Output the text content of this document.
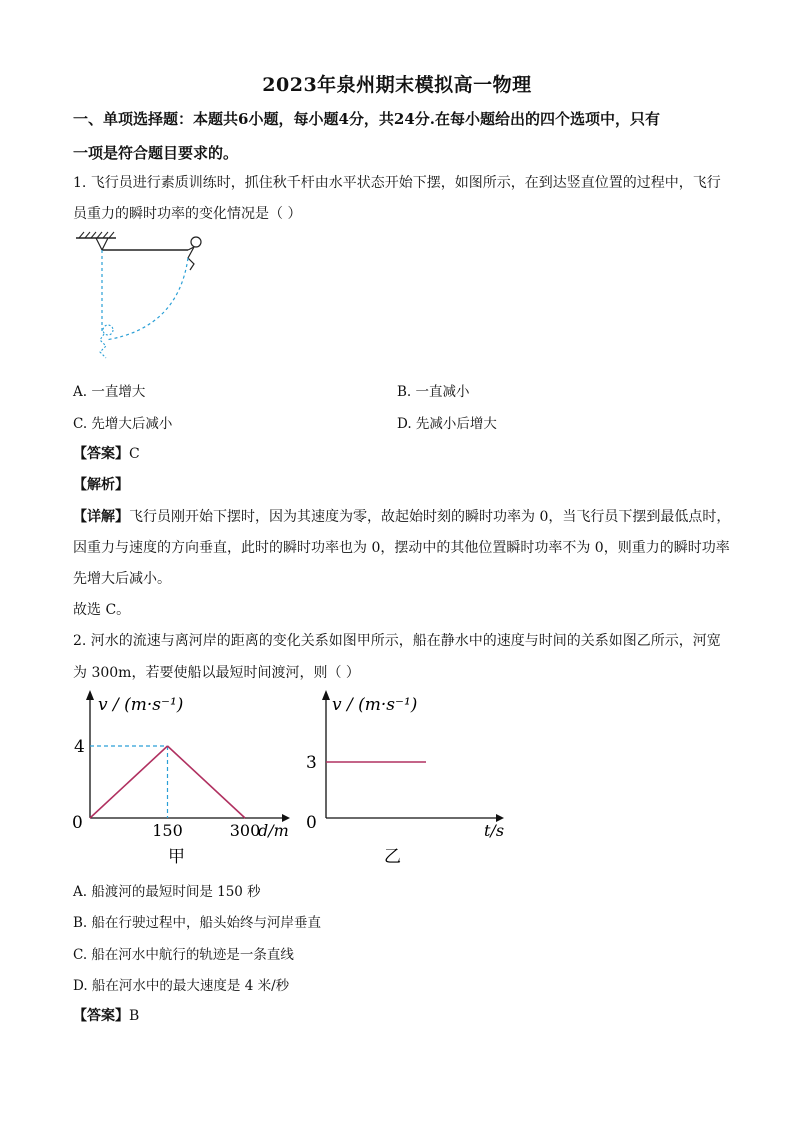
2023年泉州期末模拟高一物理
一、单项选择题：本题共6小题，每小题4分，共24分.在每小题给出的四个选项中，只有
一项是符合题目要求的。
1. 飞行员进行素质训练时，抓住秋千杆由水平状态开始下摆，如图所示，在到达竖直位置的过程中，飞行
员重力的瞬时功率的变化情况是（ ）
A. 一直增大	B. 一直减小
C. 先增大后减小	D. 先减小后增大
【答案】C
【解析】
【详解】飞行员刚开始下摆时，因为其速度为零，故起始时刻的瞬时功率为 0，当飞行员下摆到最低点时，
因重力与速度的方向垂直，此时的瞬时功率也为 0，摆动中的其他位置瞬时功率不为 0，则重力的瞬时功率
先增大后减小。
故选 C。
2. 河水的流速与离河岸的距离的变化关系如图甲所示，船在静水中的速度与时间的关系如图乙所示，河宽
为 300m，若要使船以最短时间渡河，则（ ）
v / (m·s⁻¹)
d/m
0	150	300
4
甲
v / (m·s⁻¹)
t/s
0
3
乙
A. 船渡河的最短时间是 150 秒
B. 船在行驶过程中，船头始终与河岸垂直
C. 船在河水中航行的轨迹是一条直线
D. 船在河水中的最大速度是 4 米/秒
【答案】B
